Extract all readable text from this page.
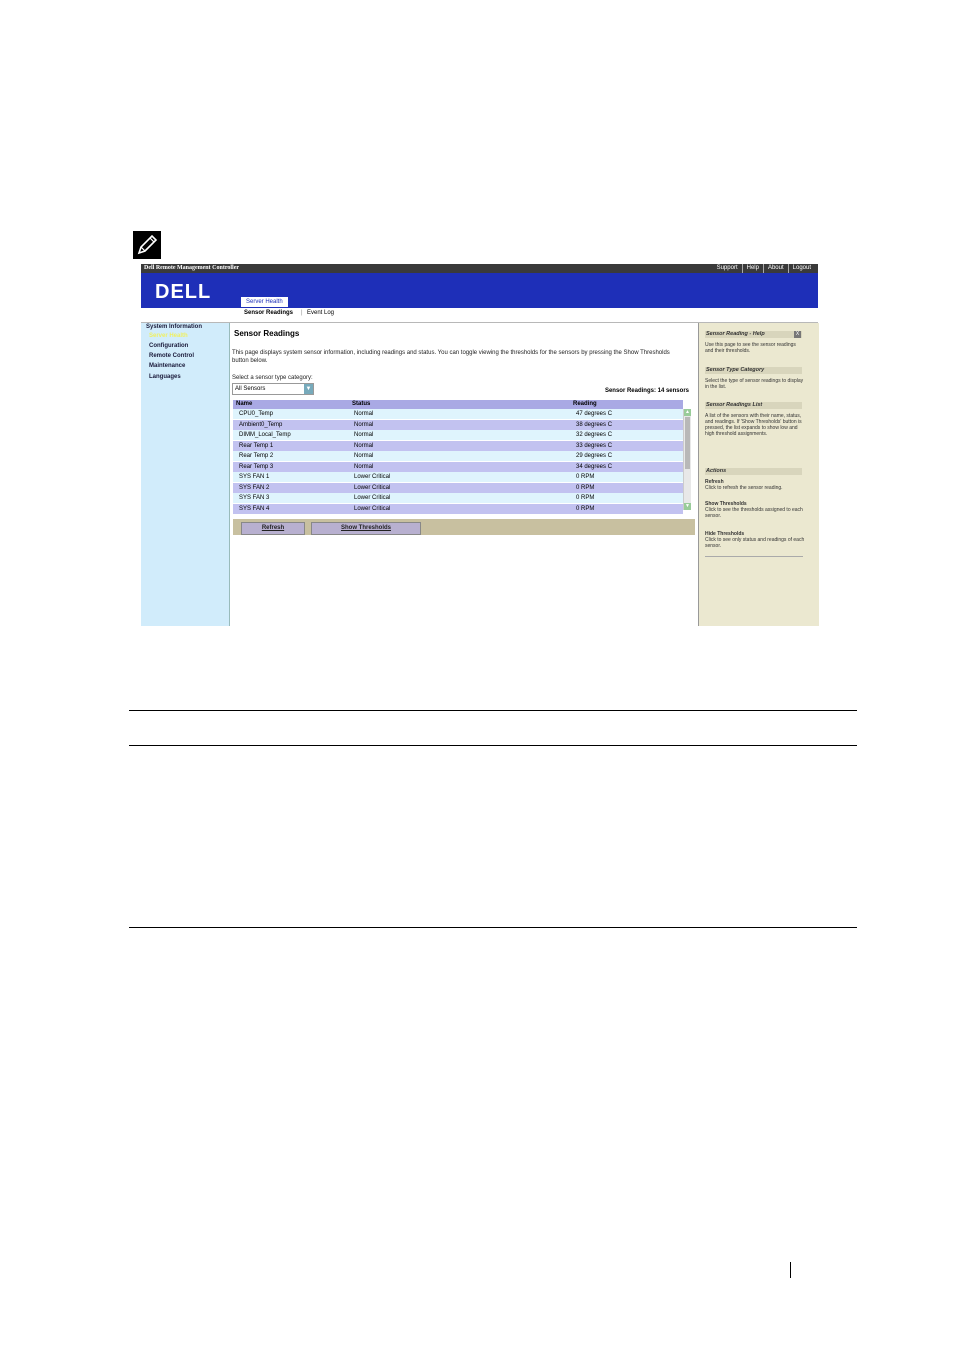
Dell Remote Management Controller	Support	Help	About	Logout
DELL	Server Health
Sensor Readings | Event Log
System Information
Server Health
Configuration
Remote Control
Maintenance
Languages
Sensor Readings
This page displays system sensor information, including readings and status. You can toggle viewing the thresholds for the sensors by pressing the Show Thresholds button below.
Select a sensor type category:
All Sensors	▼	Sensor Readings: 14 sensors
Name	Status	Reading
CPU0_Temp	Normal	47 degrees C
Ambient0_Temp	Normal	38 degrees C
DIMM_Local_Temp	Normal	32 degrees C
Rear Temp 1	Normal	33 degrees C
Rear Temp 2	Normal	29 degrees C
Rear Temp 3	Normal	34 degrees C
SYS FAN 1	Lower Critical	0 RPM
SYS FAN 2	Lower Critical	0 RPM
SYS FAN 3	Lower Critical	0 RPM
SYS FAN 4	Lower Critical	0 RPM
▲
▼
Refresh	Show Thresholds
Sensor Reading - Help	X
Use this page to see the sensor readings and their thresholds.
Sensor Type Category
Select the type of sensor readings to display in the list.
Sensor Readings List
A list of the sensors with their name, status, and readings. If 'Show Thresholds' button is pressed, the list expands to show low and high threshold assignments.
Actions
Refresh
Click to refresh the sensor reading.
Show Thresholds
Click to see the thresholds assigned to each sensor.
Hide Thresholds
Click to see only status and readings of each sensor.
